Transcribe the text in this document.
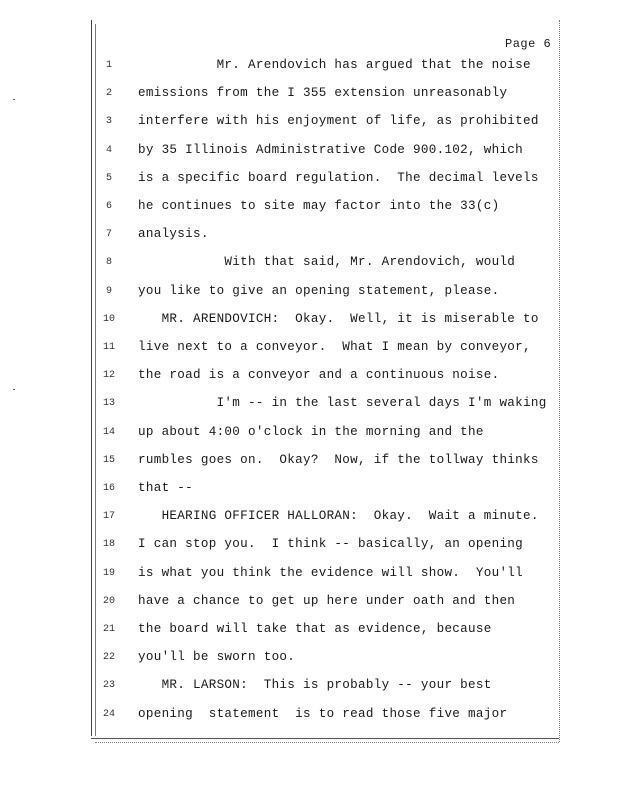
Page 6
1	Mr. Arendovich has argued that the noise
2	emissions from the I 355 extension unreasonably
3	interfere with his enjoyment of life, as prohibited
4	by 35 Illinois Administrative Code 900.102, which
5	is a specific board regulation.  The decimal levels
6	he continues to site may factor into the 33(c)
7	analysis.
8	With that said, Mr. Arendovich, would
9	you like to give an opening statement, please.
10	MR. ARENDOVICH:  Okay.  Well, it is miserable to
11	live next to a conveyor.  What I mean by conveyor,
12	the road is a conveyor and a continuous noise.
13	I'm -- in the last several days I'm waking
14	up about 4:00 o'clock in the morning and the
15	rumbles goes on.  Okay?  Now, if the tollway thinks
16	that --
17	HEARING OFFICER HALLORAN:  Okay.  Wait a minute.
18	I can stop you.  I think -- basically, an opening
19	is what you think the evidence will show.  You'll
20	have a chance to get up here under oath and then
21	the board will take that as evidence, because
22	you'll be sworn too.
23	MR. LARSON:  This is probably -- your best
24	opening  statement  is to read those five major
